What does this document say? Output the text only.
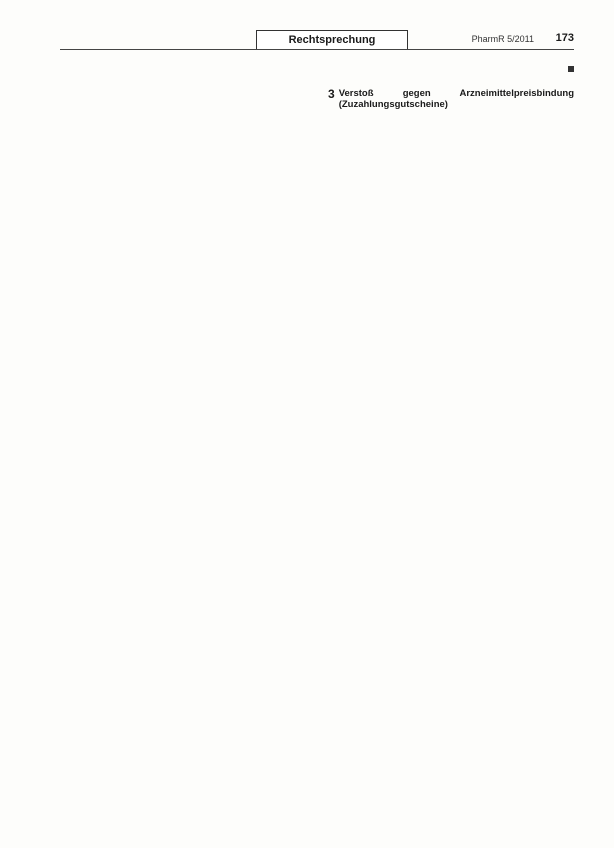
Rechtsprechung	PharmR 5/2011 173

3 Verstoß gegen Arzneimittelpreisbindung (Zuzahlungsgutscheine)
